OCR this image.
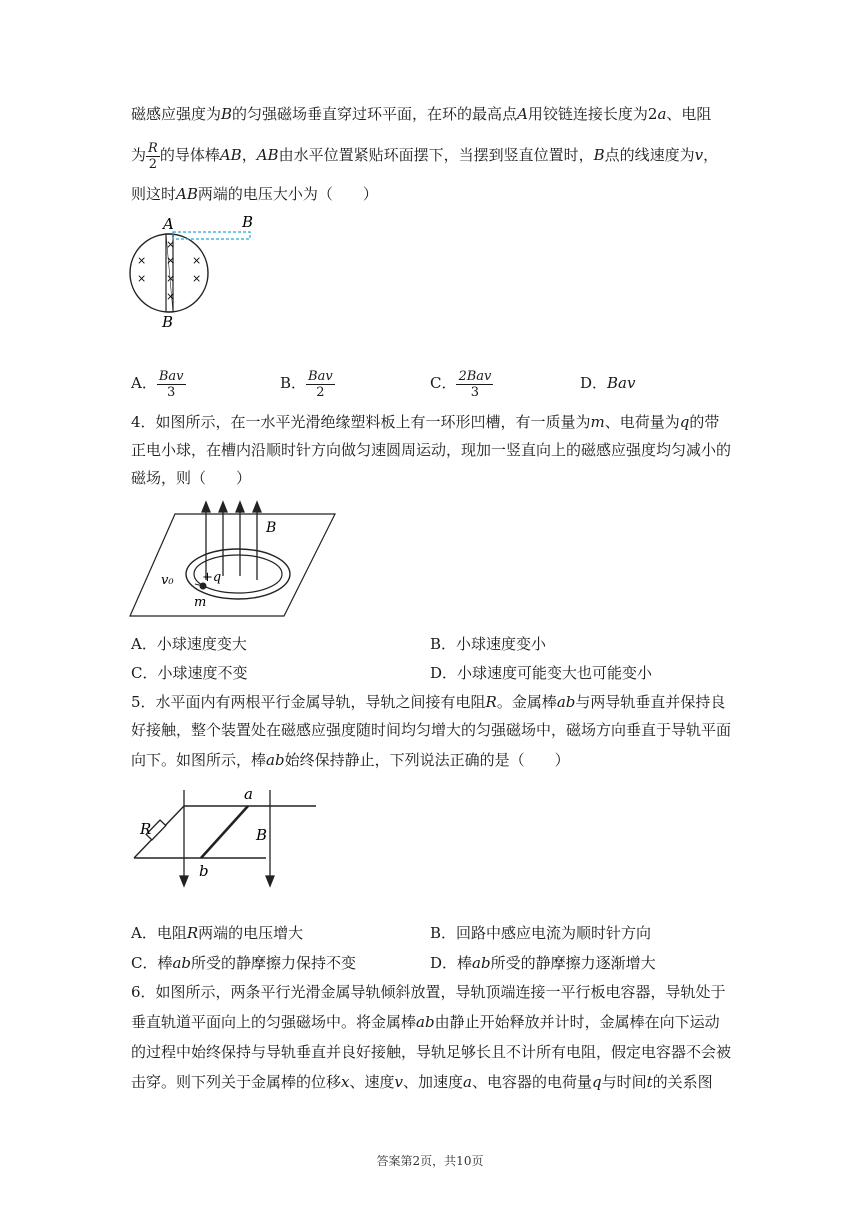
磁感应强度为B的匀强磁场垂直穿过环平面，在环的最高点A用铰链连接长度为2a、电阻
为 $\frac{R}{2}$ 的导体棒AB，AB由水平位置紧贴环面摆下，当摆到竖直位置时，B点的线速度为v，
则这时AB两端的电压大小为（　　）
A	B
B
×
×
×
×
×
×
×
×
A． $\frac{\text{Bav}}{3}$	B． $\frac{\text{Bav}}{2}$	C． $\frac{\text{2Bav}}{3}$	D．Bav
4．如图所示，在一水平光滑绝缘塑料板上有一环形凹槽，有一质量为m、电荷量为q的带
正电小球，在槽内沿顺时针方向做匀速圆周运动，现加一竖直向上的磁感应强度均匀减小的
磁场，则（　　）
B
v₀ +q
m
A．小球速度变大	B．小球速度变小
C．小球速度不变	D．小球速度可能变大也可能变小
5．水平面内有两根平行金属导轨，导轨之间接有电阻R。金属棒ab与两导轨垂直并保持良
好接触，整个装置处在磁感应强度随时间均匀增大的匀强磁场中，磁场方向垂直于导轨平面
向下。如图所示，棒ab始终保持静止，下列说法正确的是（　　）
a
b
R	B
A．电阻R两端的电压增大	B．回路中感应电流为顺时针方向
C．棒ab所受的静摩擦力保持不变	D．棒ab所受的静摩擦力逐渐增大
6．如图所示，两条平行光滑金属导轨倾斜放置，导轨顶端连接一平行板电容器，导轨处于
垂直轨道平面向上的匀强磁场中。将金属棒ab由静止开始释放并计时，金属棒在向下运动
的过程中始终保持与导轨垂直并良好接触，导轨足够长且不计所有电阻，假定电容器不会被
击穿。则下列关于金属棒的位移x、速度v、加速度a、电容器的电荷量q与时间t的关系图
答案第2页，共10页
